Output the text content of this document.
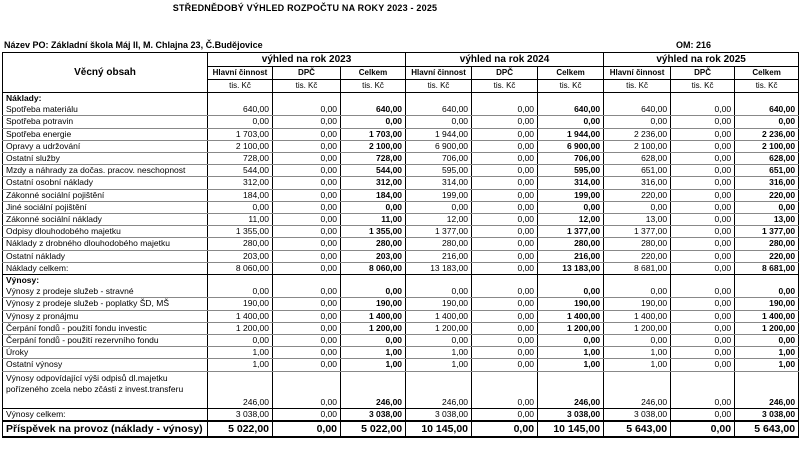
STŘEDNĚDOBÝ VÝHLED ROZPOČTU NA ROKY 2023 - 2025
Název PO: Základní škola Máj II, M. Chlajna 23, Č.Budějovice	OM: 216
Věcný obsah	výhled na rok 2023			výhled na rok 2024			výhled na rok 2025		
	Hlavní činnost	DPČ	Celkem	Hlavní činnost	DPČ	Celkem	Hlavní činnost	DPČ	Celkem
	tis. Kč	tis. Kč	tis. Kč	tis. Kč	tis. Kč	tis. Kč	tis. Kč	tis. Kč	tis. Kč
Náklady:									
Spotřeba materiálu	640,00	0,00	640,00	640,00	0,00	640,00	640,00	0,00	640,00
Spotřeba potravin	0,00	0,00	0,00	0,00	0,00	0,00	0,00	0,00	0,00
Spotřeba energie	1 703,00	0,00	1 703,00	1 944,00	0,00	1 944,00	2 236,00	0,00	2 236,00
Opravy a udržování	2 100,00	0,00	2 100,00	6 900,00	0,00	6 900,00	2 100,00	0,00	2 100,00
Ostatní služby	728,00	0,00	728,00	706,00	0,00	706,00	628,00	0,00	628,00
Mzdy a náhrady za dočas. pracov. neschopnost	544,00	0,00	544,00	595,00	0,00	595,00	651,00	0,00	651,00
Ostatní osobní náklady	312,00	0,00	312,00	314,00	0,00	314,00	316,00	0,00	316,00
Zákonné sociální pojištění	184,00	0,00	184,00	199,00	0,00	199,00	220,00	0,00	220,00
Jiné sociální pojištění	0,00	0,00	0,00	0,00	0,00	0,00	0,00	0,00	0,00
Zákonné sociální náklady	11,00	0,00	11,00	12,00	0,00	12,00	13,00	0,00	13,00
Odpisy dlouhodobého majetku	1 355,00	0,00	1 355,00	1 377,00	0,00	1 377,00	1 377,00	0,00	1 377,00
Náklady z drobného dlouhodobého majetku	280,00	0,00	280,00	280,00	0,00	280,00	280,00	0,00	280,00
Ostatní náklady	203,00	0,00	203,00	216,00	0,00	216,00	220,00	0,00	220,00
Náklady celkem:	8 060,00	0,00	8 060,00	13 183,00	0,00	13 183,00	8 681,00	0,00	8 681,00
Výnosy:									
Výnosy z prodeje služeb - stravné	0,00	0,00	0,00	0,00	0,00	0,00	0,00	0,00	0,00
Výnosy z prodeje služeb - poplatky ŠD, MŠ	190,00	0,00	190,00	190,00	0,00	190,00	190,00	0,00	190,00
Výnosy z pronájmu	1 400,00	0,00	1 400,00	1 400,00	0,00	1 400,00	1 400,00	0,00	1 400,00
Čerpání fondů - použití fondu investic	1 200,00	0,00	1 200,00	1 200,00	0,00	1 200,00	1 200,00	0,00	1 200,00
Čerpání fondů - použití rezervního fondu	0,00	0,00	0,00	0,00	0,00	0,00	0,00	0,00	0,00
Úroky	1,00	0,00	1,00	1,00	0,00	1,00	1,00	0,00	1,00
Ostatní výnosy	1,00	0,00	1,00	1,00	0,00	1,00	1,00	0,00	1,00
Výnosy odpovídající výši odpisů dl.majetku pořízeného zcela nebo zčásti z invest.transferu	246,00	0,00	246,00	246,00	0,00	246,00	246,00	0,00	246,00
Výnosy celkem:	3 038,00	0,00	3 038,00	3 038,00	0,00	3 038,00	3 038,00	0,00	3 038,00
Příspěvek na provoz (náklady - výnosy)	5 022,00	0,00	5 022,00	10 145,00	0,00	10 145,00	5 643,00	0,00	5 643,00
